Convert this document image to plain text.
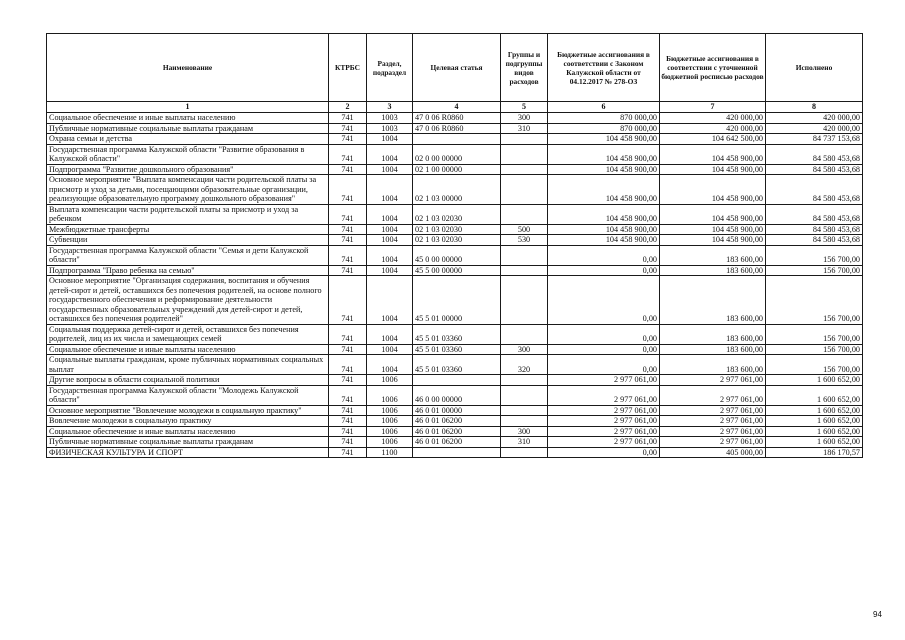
Наименование	КТРБС	Раздел, подраздел	Целевая статья	Группы и подгруппы видов расходов	Бюджетные ассигнования в соответствии с Законом Калужской области от 04.12.2017 № 278-ОЗ	Бюджетные ассигнования в соответствии с уточненной бюджетной росписью расходов	Исполнено
1	2	3	4	5	6	7	8
Социальное обеспечение и иные выплаты населению	741	1003	47 0 06 R0860	300	870 000,00	420 000,00	420 000,00
Публичные нормативные социальные выплаты гражданам	741	1003	47 0 06 R0860	310	870 000,00	420 000,00	420 000,00
Охрана семьи и детства	741	1004			104 458 900,00	104 642 500,00	84 737 153,68
Государственная программа Калужской области "Развитие образования в Калужской области"	741	1004	02 0 00 00000		104 458 900,00	104 458 900,00	84 580 453,68
Подпрограмма "Развитие дошкольного образования"	741	1004	02 1 00 00000		104 458 900,00	104 458 900,00	84 580 453,68
Основное мероприятие "Выплата компенсации части родительской платы за присмотр и уход за детьми, посещающими образовательные организации, реализующие образовательную программу дошкольного образования"	741	1004	02 1 03 00000		104 458 900,00	104 458 900,00	84 580 453,68
Выплата компенсации части родительской платы за присмотр и уход за ребенком	741	1004	02 1 03 02030		104 458 900,00	104 458 900,00	84 580 453,68
Межбюджетные трансферты	741	1004	02 1 03 02030	500	104 458 900,00	104 458 900,00	84 580 453,68
Субвенции	741	1004	02 1 03 02030	530	104 458 900,00	104 458 900,00	84 580 453,68
Государственная программа Калужской области "Семья и дети Калужской области"	741	1004	45 0 00 00000		0,00	183 600,00	156 700,00
Подпрограмма "Право ребенка на семью"	741	1004	45 5 00 00000		0,00	183 600,00	156 700,00
Основное мероприятие "Организация содержания, воспитания и обучения детей-сирот и детей, оставшихся без попечения родителей, на основе полного государственного обеспечения и реформирование деятельности государственных образовательных учреждений для детей-сирот и детей, оставшихся без попечения родителей"	741	1004	45 5 01 00000		0,00	183 600,00	156 700,00
Социальная поддержка детей-сирот и детей, оставшихся без попечения родителей, лиц из их числа и замещающих семей	741	1004	45 5 01 03360		0,00	183 600,00	156 700,00
Социальное обеспечение и иные выплаты населению	741	1004	45 5 01 03360	300	0,00	183 600,00	156 700,00
Социальные выплаты гражданам, кроме публичных нормативных социальных выплат	741	1004	45 5 01 03360	320	0,00	183 600,00	156 700,00
Другие вопросы в области социальной политики	741	1006			2 977 061,00	2 977 061,00	1 600 652,00
Государственная программа Калужской области "Молодежь Калужской области"	741	1006	46 0 00 00000		2 977 061,00	2 977 061,00	1 600 652,00
Основное мероприятие "Вовлечение молодежи в социальную практику"	741	1006	46 0 01 00000		2 977 061,00	2 977 061,00	1 600 652,00
Вовлечение молодежи в социальную практику	741	1006	46 0 01 06200		2 977 061,00	2 977 061,00	1 600 652,00
Социальное обеспечение и иные выплаты населению	741	1006	46 0 01 06200	300	2 977 061,00	2 977 061,00	1 600 652,00
Публичные нормативные социальные выплаты гражданам	741	1006	46 0 01 06200	310	2 977 061,00	2 977 061,00	1 600 652,00
ФИЗИЧЕСКАЯ КУЛЬТУРА И СПОРТ	741	1100			0,00	405 000,00	186 170,57
94
